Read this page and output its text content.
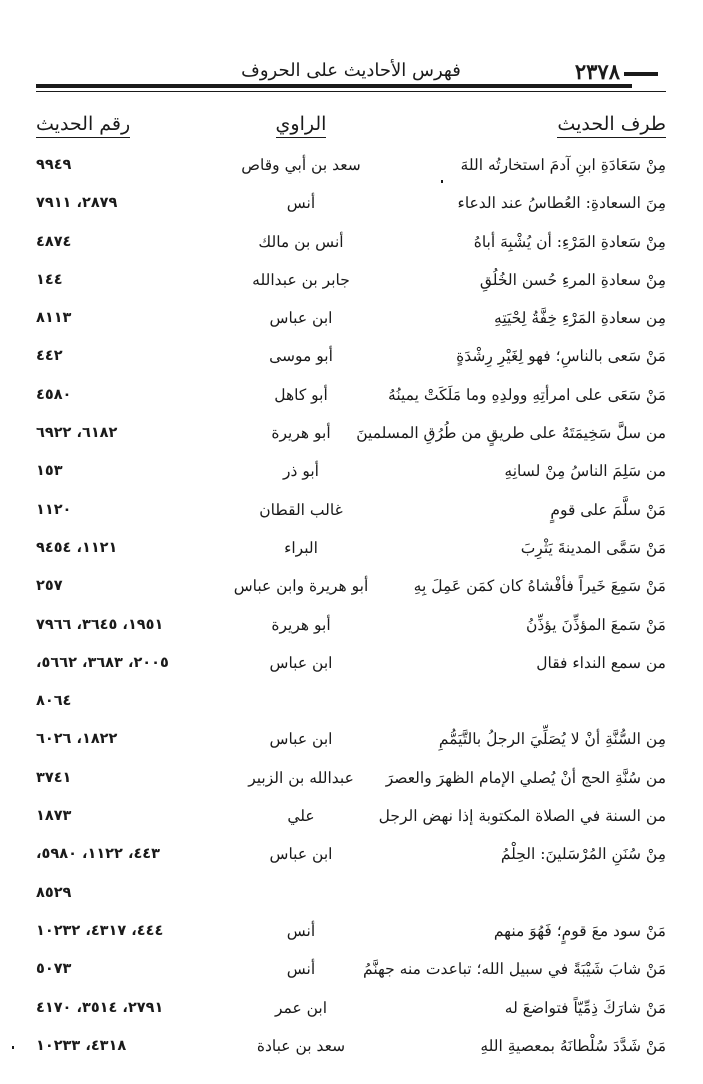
٢٣٧٨
فهرس الأحاديث على الحروف
طرف الحديث
الراوي
رقم الحديث
مِنْ سَعَادَةِ ابنِ آدمَ استخارتُه اللهَ
سعد بن أبي وقاص
٩٩٤٩
مِنَ السعادةِ: العُطاسُ عند الدعاء
أنس
٢٨٧٩، ٧٩١١
مِنْ سَعادةِ المَرْءِ: أن يُشْبِهَ أباهُ
أنس بن مالك
٤٨٧٤
مِنْ سعادةِ المرءِ حُسن الخُلُقِ
جابر بن عبدالله
١٤٤
مِن سعادةِ المَرْءِ خِفَّةُ لِحْيَتِهِ
ابن عباس
٨١١٣
مَنْ سَعى بالناسِ؛ فهو لِغَيْرِ رِشْدَةٍ
أبو موسى
٤٤٢
مَنْ سَعَى على امرأتِهِ وولدِهِ وما مَلَكَتْ يمينُهُ
أبو كاهل
٤٥٨٠
من سلَّ سَخِيمَتَهُ على طريقٍ من طُرُقِ المسلمينَ
أبو هريرة
٦١٨٢، ٦٩٢٢
من سَلِمَ الناسُ مِنْ لسانِهِ
أبو ذر
١٥٣
مَنْ سلَّمَ على قومٍ
غالب القطان
١١٢٠
مَنْ سَمَّى المدينةَ يَثْرِبَ
البراء
١١٢١، ٩٤٥٤
مَنْ سَمِعَ خَيراً فأفْشاهُ كان كمَن عَمِلَ بِهِ
أبو هريرة وابن عباس
٢٥٧
مَنْ سَمعَ المؤذِّنَ يؤذِّنُ
أبو هريرة
١٩٥١، ٣٦٤٥، ٧٩٦٦
من سمع النداء فقال
ابن عباس
٢٠٠٥، ٣٦٨٣، ٥٦٦٢،
٨٠٦٤
مِن السُّنَّةِ أنْ لا يُصَلِّيَ الرجلُ بالتَّيَمُّمِ
ابن عباس
١٨٢٢، ٦٠٢٦
من سُنَّةِ الحج أنْ يُصلي الإمام الظهرَ والعصرَ
عبدالله بن الزبير
٣٧٤١
من السنة في الصلاة المكتوبة إذا نهض الرجل
علي
١٨٧٣
مِنْ سُنَنِ المُرْسَلينَ: الحِلْمُ
ابن عباس
٤٤٣، ١١٢٢، ٥٩٨٠،
٨٥٢٩
مَنْ سود معَ قومٍ؛ فَهُوَ منهم
أنس
٤٤٤، ٤٣١٧، ١٠٢٣٢
مَنْ شابَ شَيْبَةً في سبيل الله؛ تباعدت منه جهنَّمُ
أنس
٥٠٧٣
مَنْ شارَكَ ذِمِّيّاً فتواضعَ له
ابن عمر
٢٧٩١، ٣٥١٤، ٤١٧٠
مَنْ شَدَّدَ سُلْطانَهُ بمعصيةِ اللهِ
سعد بن عبادة
٤٣١٨، ١٠٢٣٣
